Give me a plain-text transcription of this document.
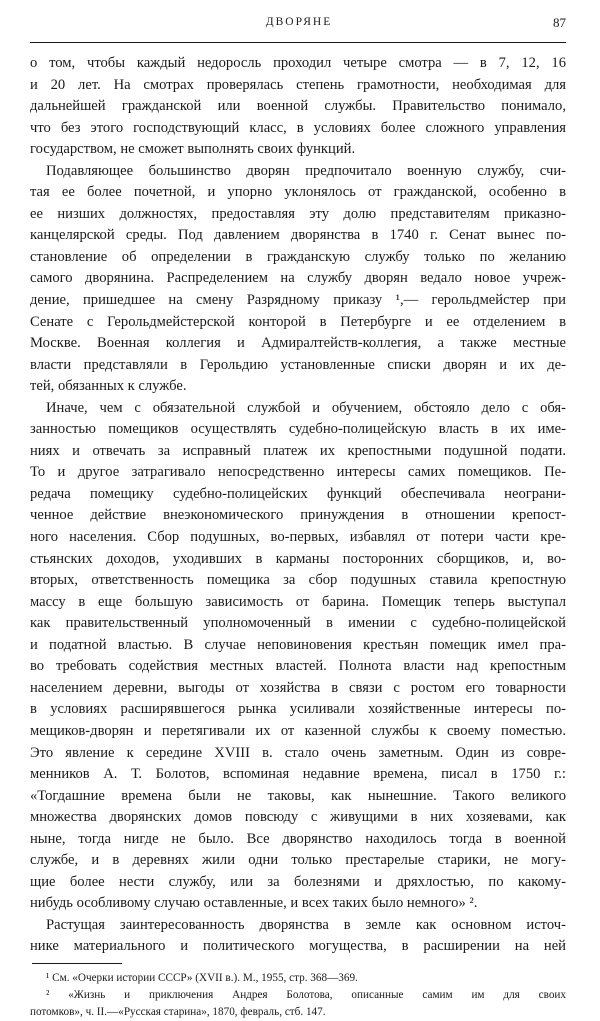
ДВОРЯНЕ	87
о том, чтобы каждый недоросль проходил четыре смотра — в 7, 12, 16
и 20 лет. На смотрах проверялась степень грамотности, необходимая для
дальнейшей гражданской или военной службы. Правительство понимало,
что без этого господствующий класс, в условиях более сложного управления
государством, не сможет выполнять своих функций.
Подавляющее большинство дворян предпочитало военную службу, счи-
тая ее более почетной, и упорно уклонялось от гражданской, особенно в
ее низших должностях, предоставляя эту долю представителям приказно-
канцелярской среды. Под давлением дворянства в 1740 г. Сенат вынес по-
становление об определении в гражданскую службу только по желанию
самого дворянина. Распределением на службу дворян ведало новое учреж-
дение, пришедшее на смену Разрядному приказу ¹,— герольдмейстер при
Сенате с Герольдмейстерской конторой в Петербурге и ее отделением в
Москве. Военная коллегия и Адмиралтейств-коллегия, а также местные
власти представляли в Герольдию установленные списки дворян и их де-
тей, обязанных к службе.
Иначе, чем с обязательной службой и обучением, обстояло дело с обя-
занностью помещиков осуществлять судебно-полицейскую власть в их име-
ниях и отвечать за исправный платеж их крепостными подушной подати.
То и другое затрагивало непосредственно интересы самих помещиков. Пе-
редача помещику судебно-полицейских функций обеспечивала неограни-
ченное действие внеэкономического принуждения в отношении крепост-
ного населения. Сбор подушных, во-первых, избавлял от потери части кре-
стьянских доходов, уходивших в карманы посторонних сборщиков, и, во-
вторых, ответственность помещика за сбор подушных ставила крепостную
массу в еще большую зависимость от барина. Помещик теперь выступал
как правительственный уполномоченный в имении с судебно-полицейской
и податной властью. В случае неповиновения крестьян помещик имел пра-
во требовать содействия местных властей. Полнота власти над крепостным
населением деревни, выгоды от хозяйства в связи с ростом его товарности
в условиях расширявшегося рынка усиливали хозяйственные интересы по-
мещиков-дворян и перетягивали их от казенной службы к своему поместью.
Это явление к середине XVIII в. стало очень заметным. Один из совре-
менников А. Т. Болотов, вспоминая недавние времена, писал в 1750 г.:
«Тогдашние времена были не таковы, как нынешние. Такого великого
множества дворянских домов повсюду с живущими в них хозяевами, как
ныне, тогда нигде не было. Все дворянство находилось тогда в военной
службе, и в деревнях жили одни только престарелые старики, не могу-
щие более нести службу, или за болезнями и дряхлостью, по какому-
нибудь особливому случаю оставленные, и всех таких было немного» ².
Растущая заинтересованность дворянства в земле как основном источ-
нике материального и политического могущества, в расширении на ней
¹ См. «Очерки истории СССР» (XVII в.). М., 1955, стр. 368—369.
² «Жизнь и приключения Андрея Болотова, описанные самим им для своих
потомков», ч. II.—«Русская старина», 1870, февраль, стб. 147.
